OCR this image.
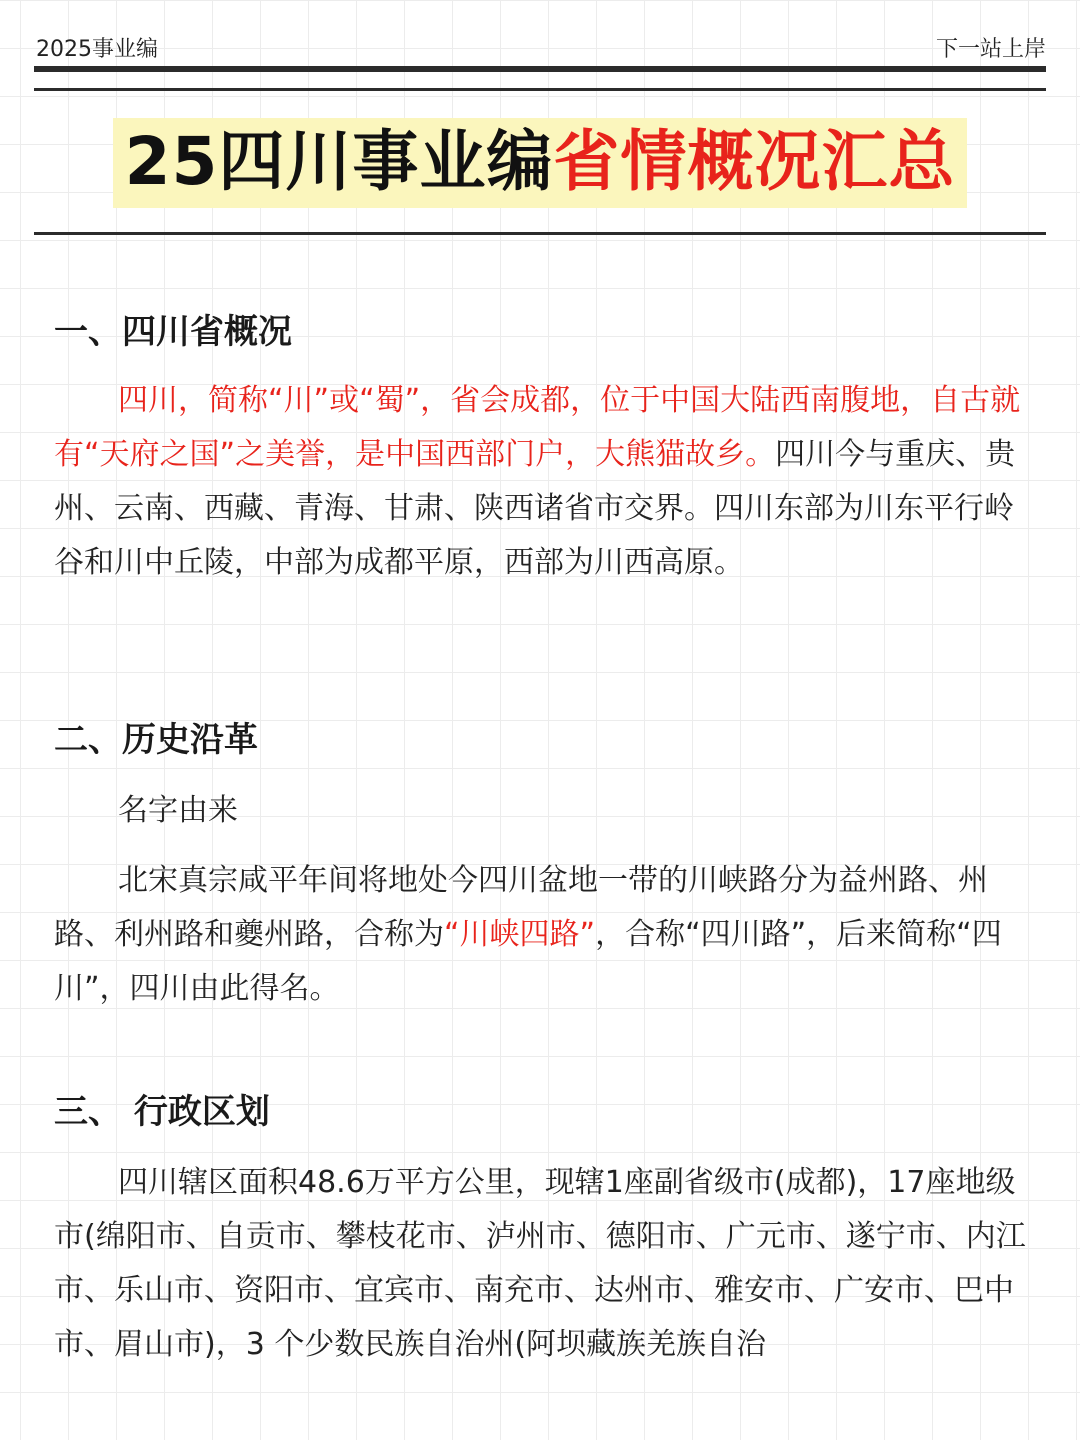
2025事业编	下一站上岸
25四川事业编省情概况汇总
一、四川省概况

四川，简称“川”或“蜀”，省会成都，位于中国大陆西南腹地，自古就有“天府之国”之美誉，是中国西部门户，大熊猫故乡。四川今与重庆、贵州、云南、西藏、青海、甘肃、陕西诸省市交界。四川东部为川东平行岭谷和川中丘陵，中部为成都平原，西部为川西高原。

二、历史沿革

名字由来

北宋真宗咸平年间将地处今四川盆地一带的川峡路分为益州路、州路、利州路和夔州路，合称为“川峡四路”，合称“四川路”，后来简称“四川”，四川由此得名。

三、 行政区划

四川辖区面积48.6万平方公里，现辖1座副省级市(成都)，17座地级市(绵阳市、自贡市、攀枝花市、泸州市、德阳市、广元市、遂宁市、内江市、乐山市、资阳市、宜宾市、南充市、达州市、雅安市、广安市、巴中市、眉山市)，3 个少数民族自治州(阿坝藏族羌族自治
